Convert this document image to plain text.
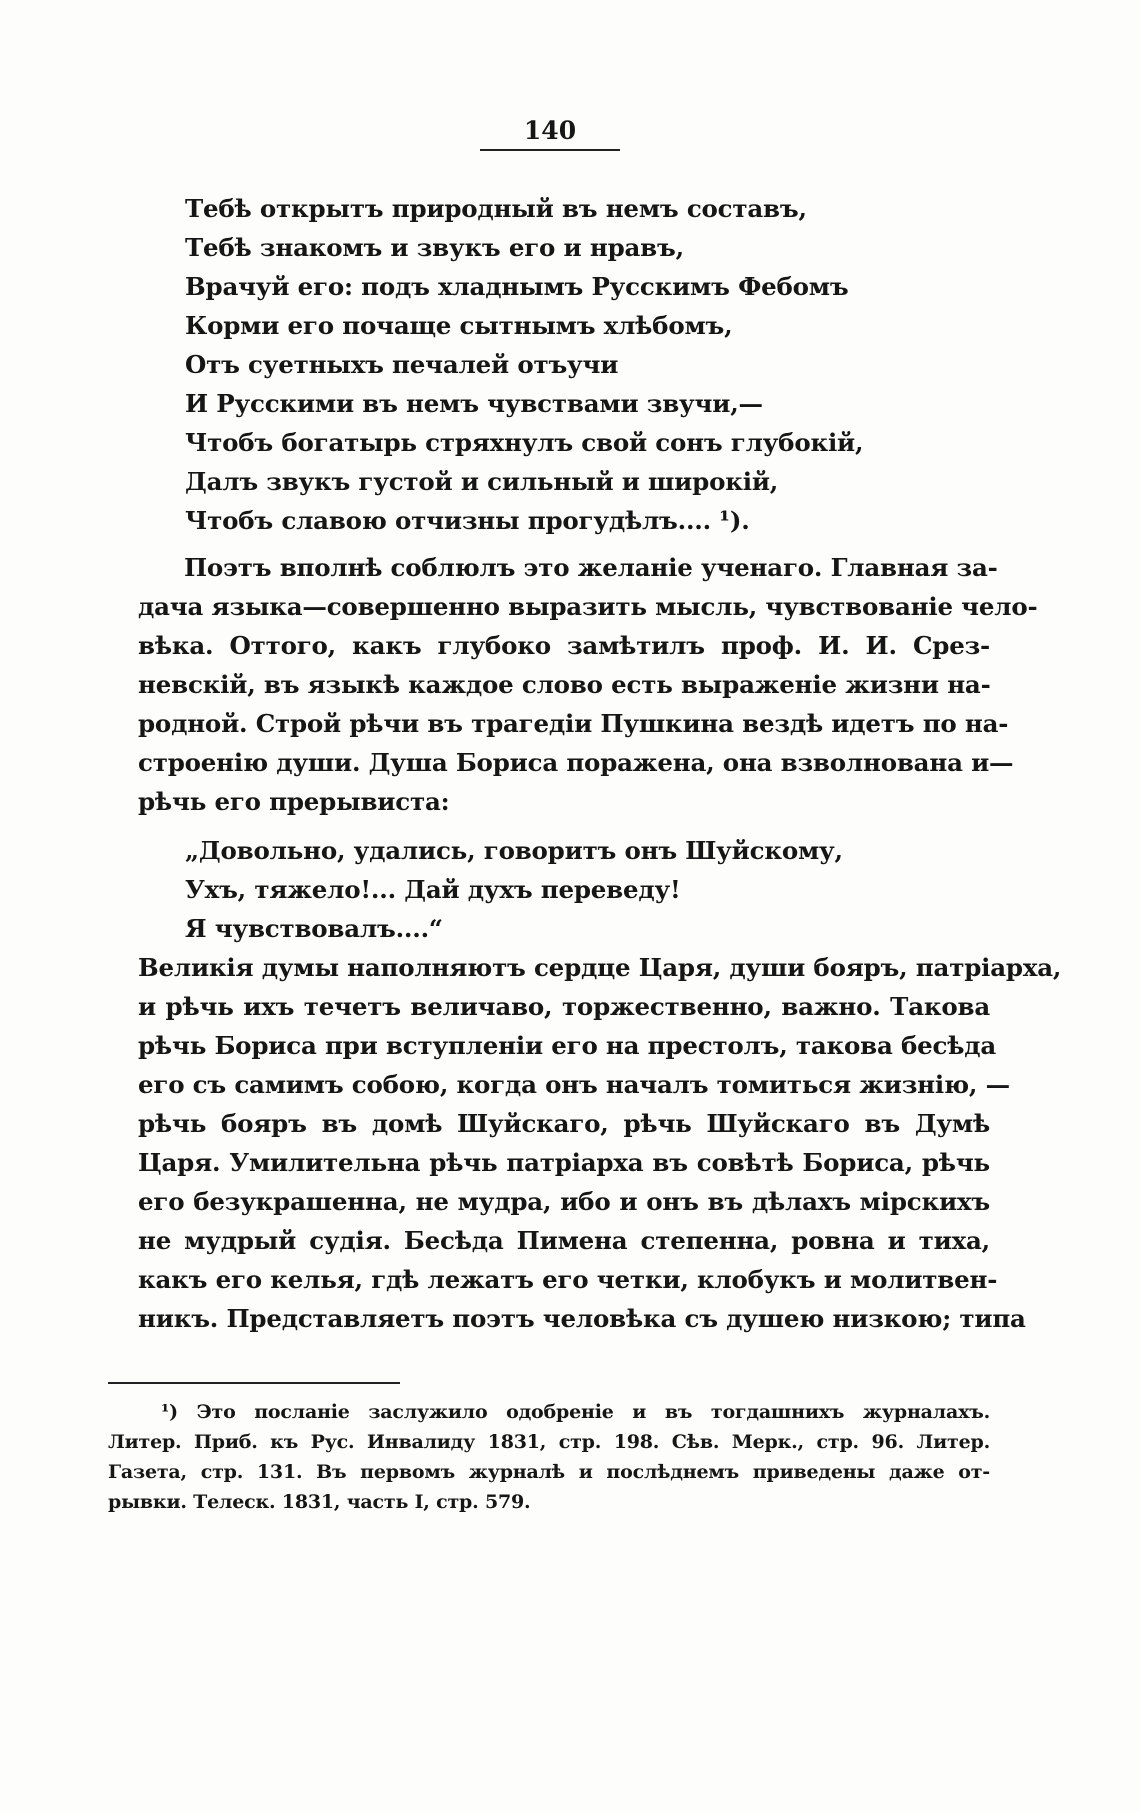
140
Тебѣ открытъ природный въ немъ составъ,
Тебѣ знакомъ и звукъ его и нравъ,
Врачуй его: подъ хладнымъ Русскимъ Фебомъ
Корми его почаще сытнымъ хлѣбомъ,
Отъ суетныхъ печалей отъучи
И Русскими въ немъ чувствами звучи,—
Чтобъ богатырь стряхнулъ свой сонъ глубокій,
Далъ звукъ густой и сильный и широкій,
Чтобъ славою отчизны прогудѣлъ.... ¹).
Поэтъ вполнѣ соблюлъ это желаніе ученаго. Главная за-
дача языка—совершенно выразить мысль, чувствованіе чело-
вѣка. Оттого, какъ глубоко замѣтилъ проф. И. И. Срез-
невскій, въ языкѣ каждое слово есть выраженіе жизни на-
родной. Строй рѣчи въ трагедіи Пушкина вездѣ идетъ по на-
строенію души. Душа Бориса поражена, она взволнована и—
рѣчь его прерывиста:
„Довольно, удались, говоритъ онъ Шуйскому,
Ухъ, тяжело!... Дай духъ переведу!
Я чувствовалъ....“
Великія думы наполняютъ сердце Царя, души бояръ, патріарха,
и рѣчь ихъ течетъ величаво, торжественно, важно. Такова
рѣчь Бориса при вступленіи его на престолъ, такова бесѣда
его съ самимъ собою, когда онъ началъ томиться жизнію, —
рѣчь бояръ въ домѣ Шуйскаго, рѣчь Шуйскаго въ Думѣ
Царя. Умилительна рѣчь патріарха въ совѣтѣ Бориса, рѣчь
его безукрашенна, не мудра, ибо и онъ въ дѣлахъ мірскихъ
не мудрый судія. Бесѣда Пимена степенна, ровна и тиха,
какъ его келья, гдѣ лежатъ его четки, клобукъ и молитвен-
никъ. Представляетъ поэтъ человѣка съ душею низкою; типа
¹) Это посланіе заслужило одобреніе и въ тогдашнихъ журналахъ.
Литер. Приб. къ Рус. Инвалиду 1831, стр. 198. Сѣв. Мерк., стр. 96. Литер.
Газета, стр. 131. Въ первомъ журналѣ и послѣднемъ приведены даже от-
рывки. Телеск. 1831, часть I, стр. 579.
